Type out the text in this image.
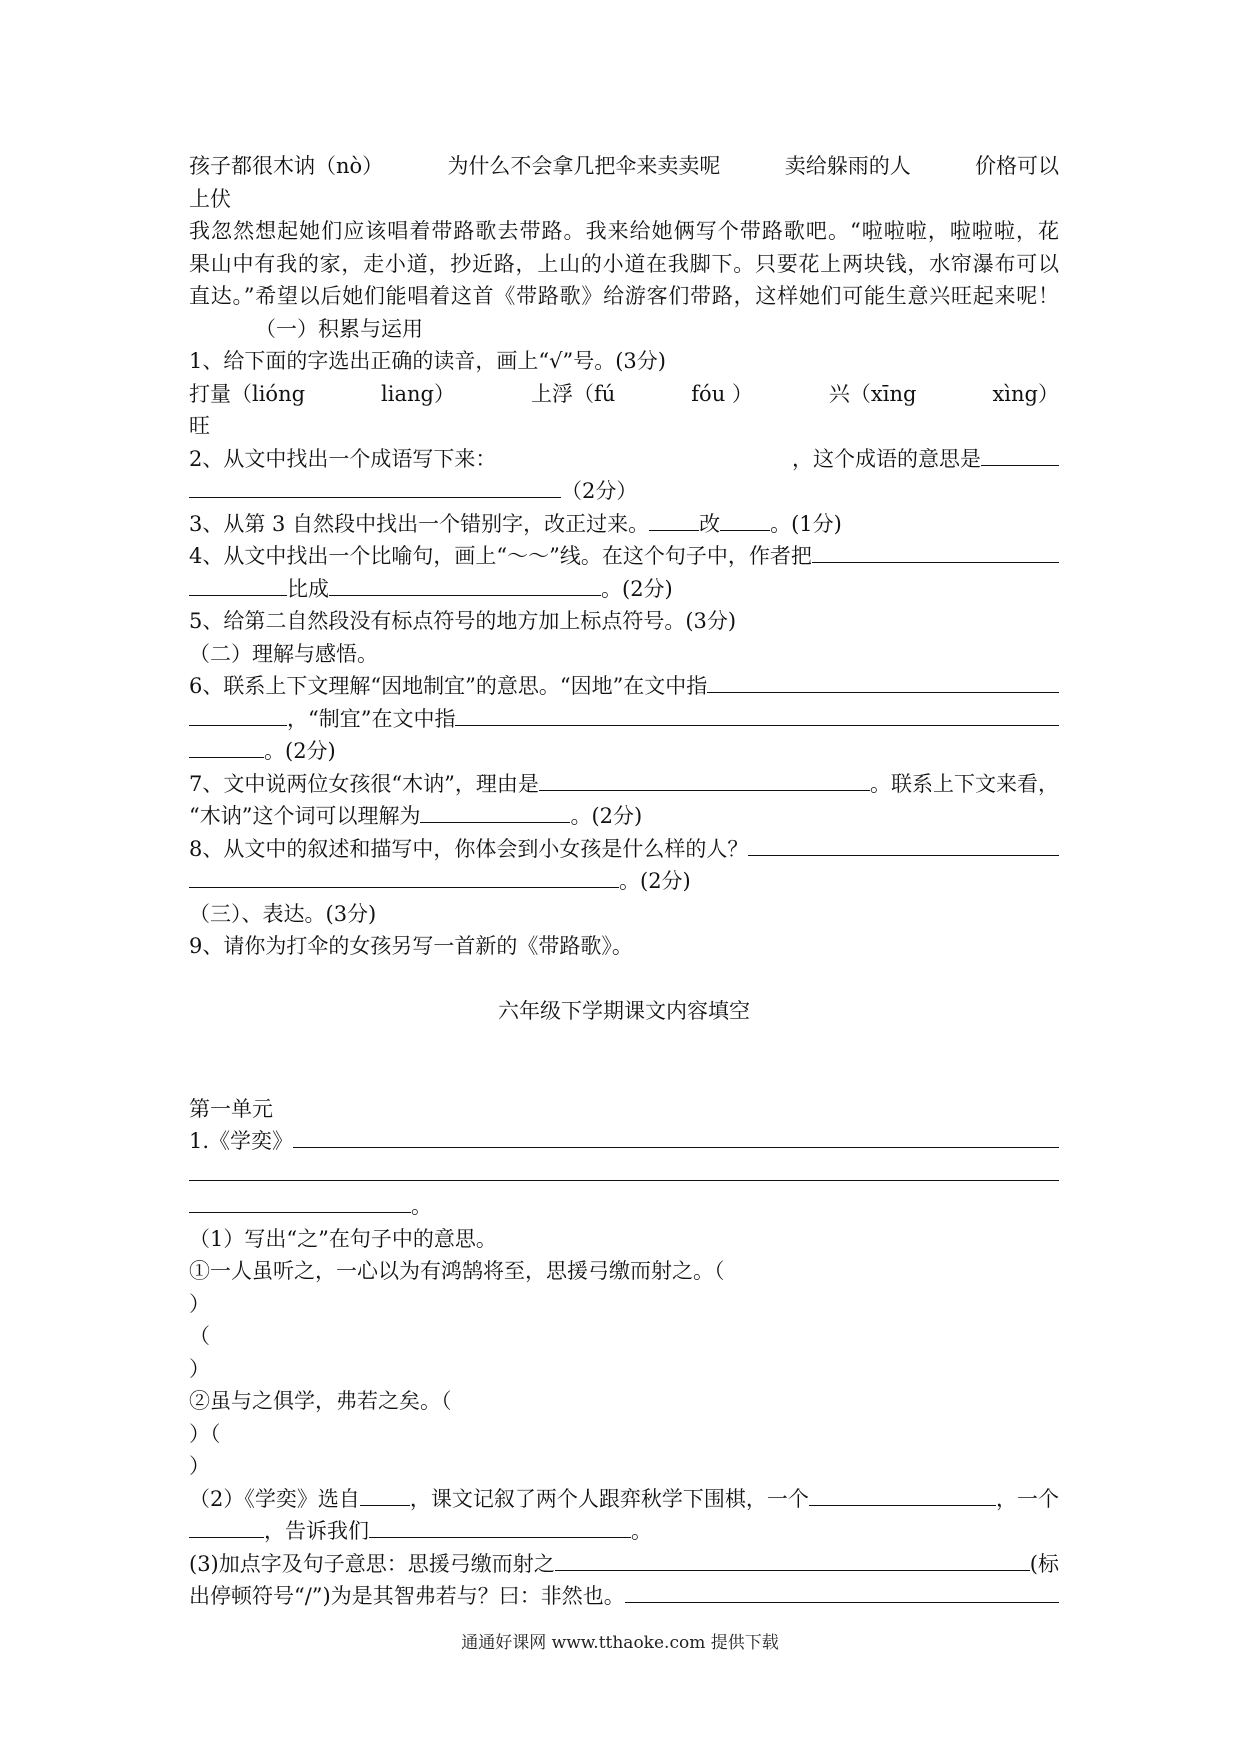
孩子都很木讷（nò）	为什么不会拿几把伞来卖卖呢	卖给躲雨的人	价格可以
上伏
我忽然想起她们应该唱着带路歌去带路。我来给她俩写个带路歌吧。“啦啦啦，啦啦啦，花
果山中有我的家，走小道，抄近路，上山的小道在我脚下。只要花上两块钱，水帘瀑布可以
直达。”希望以后她们能唱着这首《带路歌》给游客们带路，这样她们可能生意兴旺起来呢！
（一）积累与运用
1、给下面的字选出正确的读音，画上“√”号。(3分)
打量（lióng	liang）	上浮（fú	fóu ）	兴（xīng	xìng）
旺
2、从文中找出一个成语写下来：	，这个成语的意思是
（2分）
3、从第 3 自然段中找出一个错别字，改正过来。 改 。(1分)
4、从文中找出一个比喻句，画上“～～”线。在这个句子中，作者把
比成	。(2分)
5、给第二自然段没有标点符号的地方加上标点符号。(3分)
（二）理解与感悟。
6、联系上下文理解“因地制宜”的意思。“因地”在文中指
，“制宜”在文中指
。(2分)
7、文中说两位女孩很“木讷”，理由是	。联系上下文来看，
“木讷”这个词可以理解为	。(2分)
8、从文中的叙述和描写中，你体会到小女孩是什么样的人？
。(2分)
（三）、表达。(3分)
9、请你为打伞的女孩另写一首新的《带路歌》。
六年级下学期课文内容填空
第一单元
1.《学奕》
。
（1）写出“之”在句子中的意思。
①一人虽听之，一心以为有鸿鹄将至，思援弓缴而射之。（
）
（
）
②虽与之俱学，弗若之矣。（
）（
）
（2）《学奕》选自 ，课文记叙了两个人跟弈秋学下围棋，一个	，一个
，告诉我们	。
(3)加点字及句子意思：思援弓缴而射之	(标
出停顿符号“/”)为是其智弗若与？曰：非然也。
通通好课网 www.tthaoke.com 提供下载
